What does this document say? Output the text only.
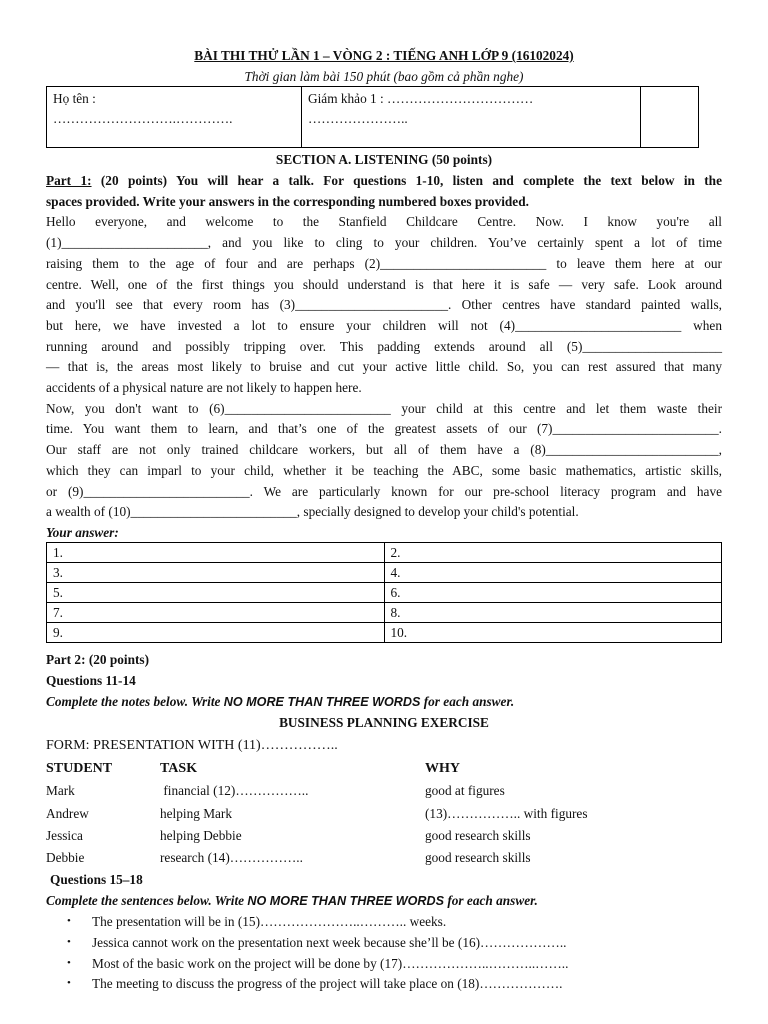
BÀI THI THỬ LẦN 1 – VÒNG 2 : TIẾNG ANH LỚP 9 (16102024)
Thời gian làm bài 150 phút (bao gồm cả phần nghe)
Họ tên :
……………………….………….

Giám khảo 1 : ……………………………
…………………..

SECTION A. LISTENING (50 points)

Part 1: (20 points) You will hear a talk. For questions 1-10, listen and complete the text below in the

spaces provided. Write your answers in the corresponding numbered boxes provided.

Hello everyone, and welcome to the Stanfield Childcare Centre. Now. I know you're all

(1)______________________, and you like to cling to your children. You’ve certainly spent a lot of time

raising them to the age of four and are perhaps (2)_________________________ to leave them here at our

centre. Well, one of the first things you should understand is that here it is safe — very safe. Look around

and you'll see that every room has (3)_______________________. Other centres have standard painted walls,

but here, we have invested a lot to ensure your children will not (4)_________________________ when

running around and possibly tripping over. This padding extends around all (5)_____________________

— that is, the areas most likely to bruise and cut your active little child. So, you can rest assured that many

accidents of a physical nature are not likely to happen here.

Now, you don't want to (6)_________________________ your child at this centre and let them waste their

time. You want them to learn, and that’s one of the greatest assets of our (7)_________________________.

Our staff are not only trained childcare workers, but all of them have a (8)__________________________,

which they can imparl to your child, whether it be teaching the ABC, some basic mathematics, artistic skills,

or (9)_________________________. We are particularly known for our pre-school literacy program and have

a wealth of (10)_________________________, specially designed to develop your child's potential.

Your answer:
1.	2.
3.	4.
5.	6.
7.	8.
9.	10.
Part 2: (20 points)
Questions 11-14
Complete the notes below. Write NO MORE THAN THREE WORDS for each answer.
BUSINESS PLANNING EXERCISE
FORM: PRESENTATION WITH (11)……………..
STUDENT	TASK	WHY
Mark	financial (12)……………..	good at figures
Andrew	helping Mark	(13)…………….. with figures
Jessica	helping Debbie	good research skills
Debbie	research (14)……………..	good research skills
Questions 15–18
Complete the sentences below. Write NO MORE THAN THREE WORDS for each answer.
• The presentation will be in (15)…………………..……….. weeks.
• Jessica cannot work on the presentation next week because she’ll be (16)………………..
• Most of the basic work on the project will be done by (17)………………..………..……..
• The meeting to discuss the progress of the project will take place on (18)……………….
